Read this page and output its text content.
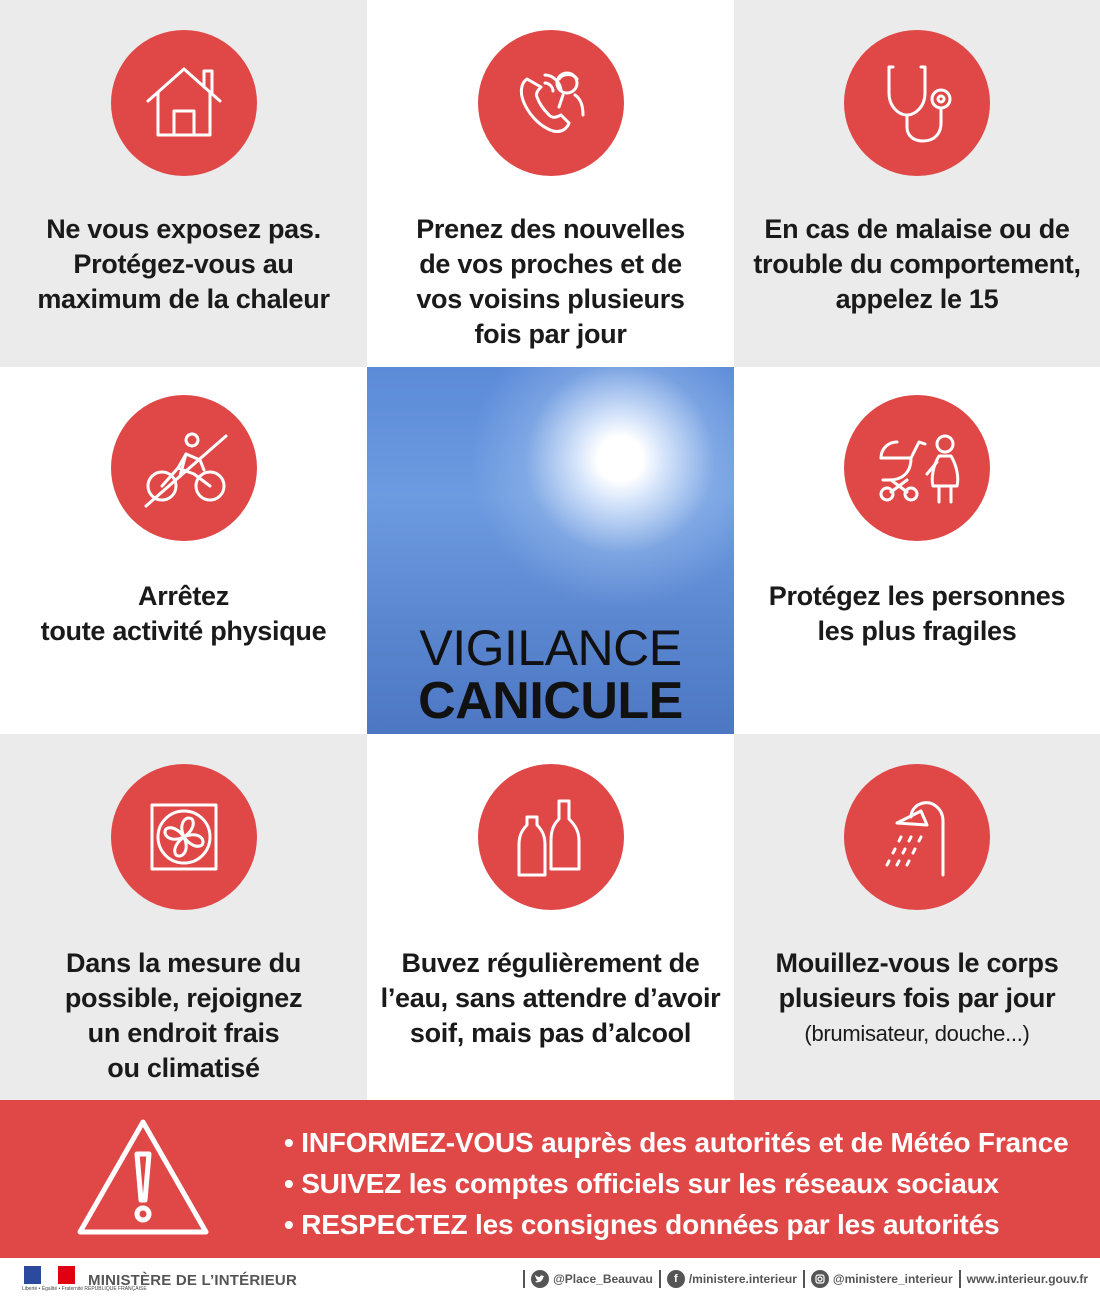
Ne vous exposez pas.
Protégez-vous au
maximum de la chaleur
Prenez des nouvelles
de vos proches et de
vos voisins plusieurs
fois par jour
En cas de malaise ou de
trouble du comportement,
appelez le 15
Arrêtez
toute activité physique	VIGILANCE
CANICULE
Protégez les personnes
les plus fragiles
Dans la mesure du
possible, rejoignez
un endroit frais
ou climatisé
Buvez régulièrement de
l’eau, sans attendre d’avoir
soif, mais pas d’alcool
Mouillez-vous le corps
plusieurs fois par jour
(brumisateur, douche...)
• INFORMEZ-VOUS auprès des autorités et de Météo France
• SUIVEZ les comptes officiels sur les réseaux sociaux
• RESPECTEZ les consignes données par les autorités
Liberté • Égalité • Fraternité RÉPUBLIQUE FRANÇAISE
MINISTÈRE DE L’INTÉRIEUR	@Place_Beauvau	f /ministere.interieur	@ministere_interieur www.interieur.gouv.fr
